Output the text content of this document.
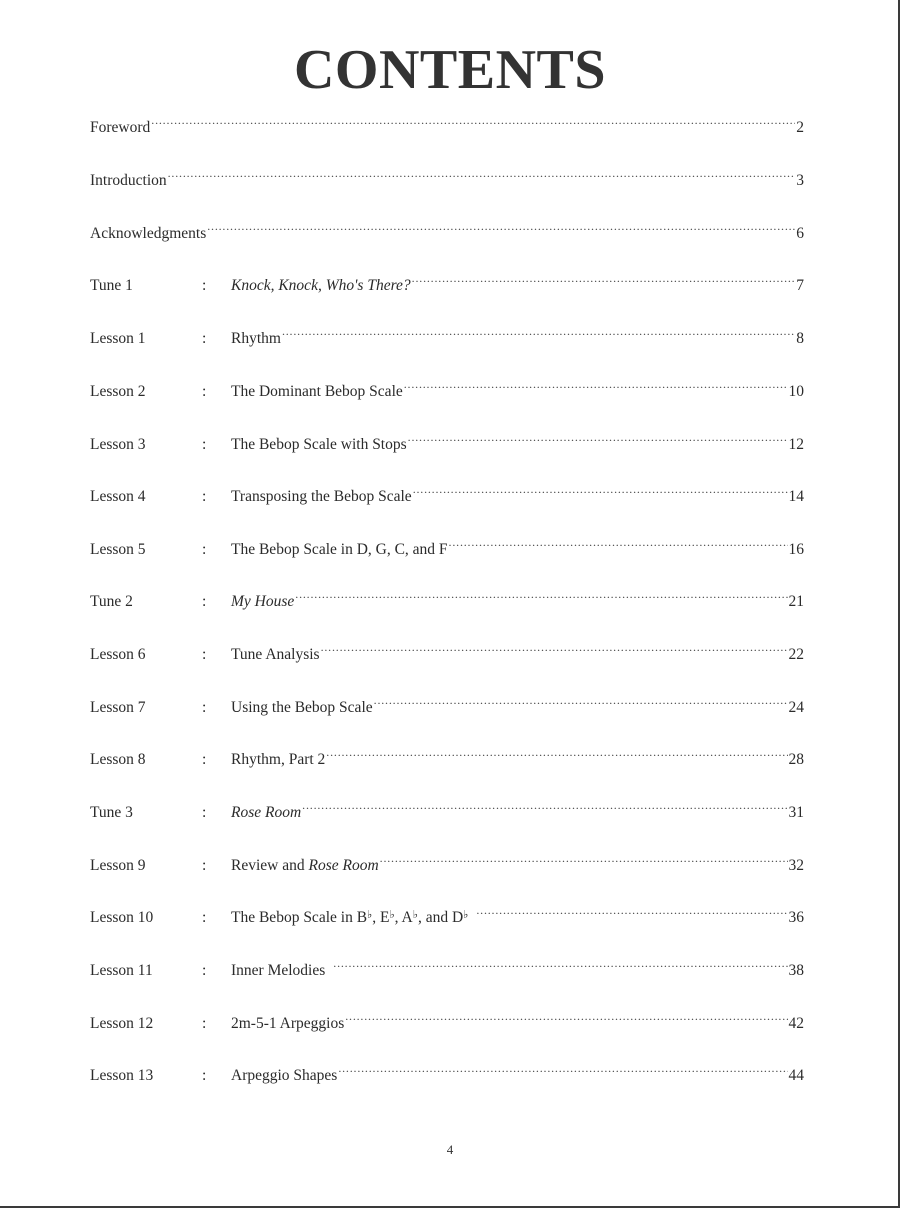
CONTENTS
Foreword .....	2
Introduction .....	3
Acknowledgments .....	6
Tune 1	:	Knock, Knock, Who's There? .....	7
Lesson 1	:	Rhythm .....	8
Lesson 2	:	The Dominant Bebop Scale .....	10
Lesson 3	:	The Bebop Scale with Stops .....	12
Lesson 4	:	Transposing the Bebop Scale .....	14
Lesson 5	:	The Bebop Scale in D, G, C, and F .....	16
Tune 2	:	My House .....	21
Lesson 6	:	Tune Analysis .....	22
Lesson 7	:	Using the Bebop Scale .....	24
Lesson 8	:	Rhythm, Part 2 .....	28
Tune 3	:	Rose Room .....	31
Lesson 9	:	Review and Rose Room .....	32
Lesson 10	:	The Bebop Scale in B♭, E♭, A♭, and D♭ .....	36
Lesson 11	:	Inner Melodies .....	38
Lesson 12	:	2m-5-1 Arpeggios .....	42
Lesson 13	:	Arpeggio Shapes .....	44
4
